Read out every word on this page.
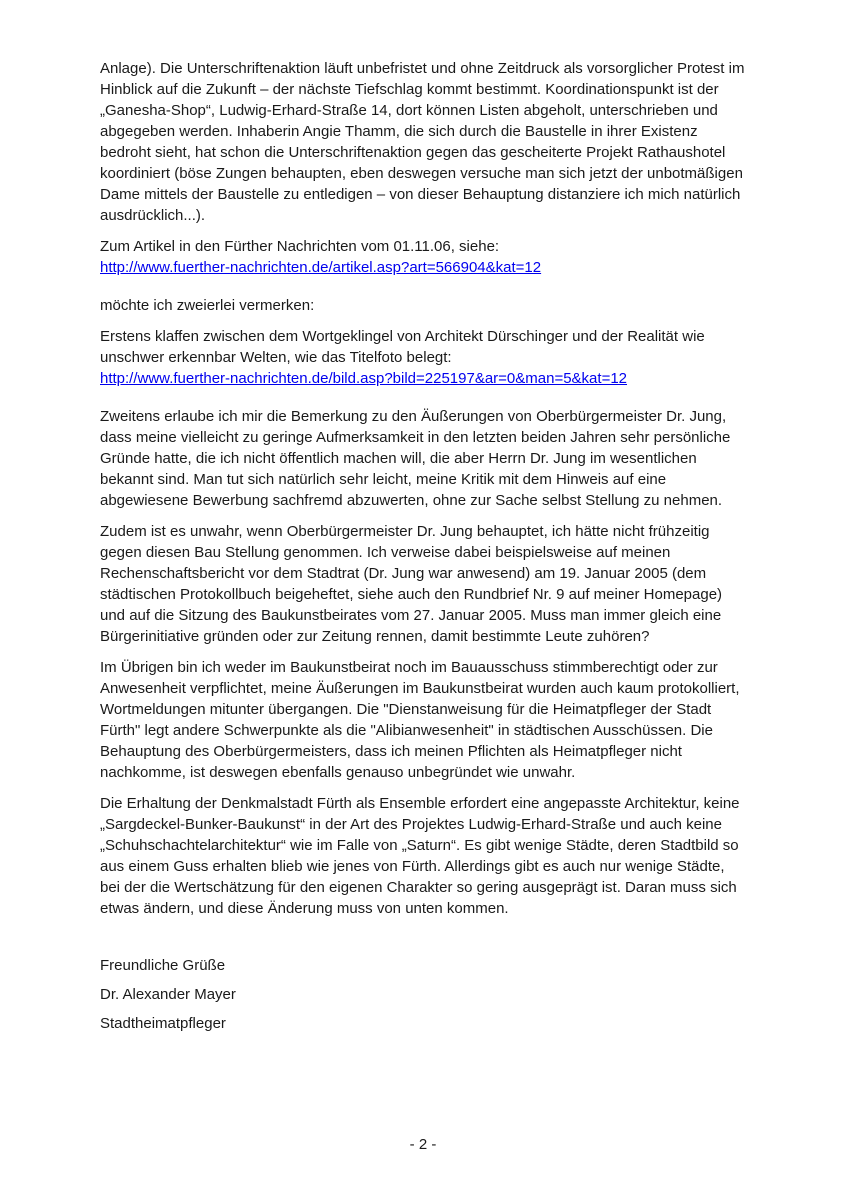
Anlage). Die Unterschriftenaktion läuft unbefristet und ohne Zeitdruck als vorsorglicher Protest im Hinblick auf die Zukunft – der nächste Tiefschlag kommt bestimmt. Koordinationspunkt ist der „Ganesha-Shop“, Ludwig-Erhard-Straße 14, dort können Listen abgeholt, unterschrieben und abgegeben werden. Inhaberin Angie Thamm, die sich durch die Baustelle in ihrer Existenz bedroht sieht, hat schon die Unterschriftenaktion gegen das gescheiterte Projekt Rathaushotel koordiniert (böse Zungen behaupten, eben deswegen versuche man sich jetzt der unbotmäßigen Dame mittels der Baustelle zu entledigen – von dieser Behauptung distanziere ich mich natürlich ausdrücklich...).

Zum Artikel in den Fürther Nachrichten vom 01.11.06, siehe:
http://www.fuerther-nachrichten.de/artikel.asp?art=566904&kat=12

möchte ich zweierlei vermerken:

Erstens klaffen zwischen dem Wortgeklingel von Architekt Dürschinger und der Realität wie unschwer erkennbar Welten, wie das Titelfoto belegt:
http://www.fuerther-nachrichten.de/bild.asp?bild=225197&ar=0&man=5&kat=12

Zweitens erlaube ich mir die Bemerkung zu den Äußerungen von Oberbürgermeister Dr. Jung, dass meine vielleicht zu geringe Aufmerksamkeit in den letzten beiden Jahren sehr persönliche Gründe hatte, die ich nicht öffentlich machen will, die aber Herrn Dr. Jung im wesentlichen bekannt sind. Man tut sich natürlich sehr leicht, meine Kritik mit dem Hinweis auf eine abgewiesene Bewerbung sachfremd abzuwerten, ohne zur Sache selbst Stellung zu nehmen.

Zudem ist es unwahr, wenn Oberbürgermeister Dr. Jung behauptet, ich hätte nicht frühzeitig gegen diesen Bau Stellung genommen. Ich verweise dabei beispielsweise auf meinen Rechenschaftsbericht vor dem Stadtrat (Dr. Jung war anwesend) am 19. Januar 2005 (dem städtischen Protokollbuch beigeheftet, siehe auch den Rundbrief Nr. 9 auf meiner Homepage) und auf die Sitzung des Baukunstbeirates vom 27. Januar 2005. Muss man immer gleich eine Bürgerinitiative gründen oder zur Zeitung rennen, damit bestimmte Leute zuhören?

Im Übrigen bin ich weder im Baukunstbeirat noch im Bauausschuss stimmberechtigt oder zur Anwesenheit verpflichtet, meine Äußerungen im Baukunstbeirat wurden auch kaum protokolliert, Wortmeldungen mitunter übergangen. Die "Dienstanweisung für die Heimatpfleger der Stadt Fürth" legt andere Schwerpunkte als die "Alibianwesenheit" in städtischen Ausschüssen. Die Behauptung des Oberbürgermeisters, dass ich meinen Pflichten als Heimatpfleger nicht nachkomme, ist deswegen ebenfalls genauso unbegründet wie unwahr.

Die Erhaltung der Denkmalstadt Fürth als Ensemble erfordert eine angepasste Architektur, keine „Sargdeckel-Bunker-Baukunst“ in der Art des Projektes Ludwig-Erhard-Straße und auch keine „Schuhschachtelarchitektur“ wie im Falle von „Saturn“. Es gibt wenige Städte, deren Stadtbild so aus einem Guss erhalten blieb wie jenes von Fürth. Allerdings gibt es auch nur wenige Städte, bei der die Wertschätzung für den eigenen Charakter so gering ausgeprägt ist. Daran muss sich etwas ändern, und diese Änderung muss von unten kommen.

Freundliche Grüße

Dr. Alexander Mayer

Stadtheimatpfleger

- 2 -
